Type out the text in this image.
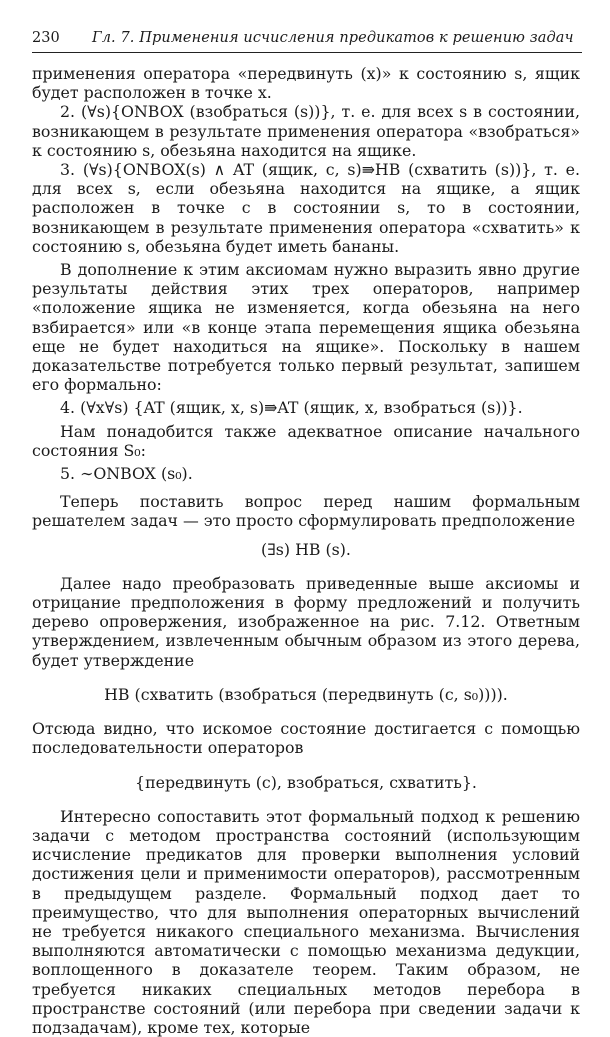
230 Гл. 7. Применения исчисления предикатов к решению задач

применения оператора «передвинуть (x)» к состоянию s, ящик будет расположен в точке x.

2. (∀s){ONBOX (взобраться (s))}, т. е. для всех s в состоянии, возникающем в результате применения оператора «взобраться» к состоянию s, обезьяна находится на ящике.

3. (∀s){ONBOX(s) ∧ AT (ящик, c, s)⇛HB (схватить (s))}, т. е. для всех s, если обезьяна находится на ящике, а ящик расположен в точке c в состоянии s, то в состоянии, возникающем в результате применения оператора «схватить» к состоянию s, обезьяна будет иметь бананы.

В дополнение к этим аксиомам нужно выразить явно другие результаты действия этих трех операторов, например «положение ящика не изменяется, когда обезьяна на него взбирается» или «в конце этапа перемещения ящика обезьяна еще не будет находиться на ящике». Поскольку в нашем доказательстве потребуется только первый результат, запишем его формально:

4. (∀x∀s) {AT (ящик, x, s)⇛AT (ящик, x, взобраться (s))}.

Нам понадобится также адекватное описание начального состояния S₀:

5. ∼ONBOX (s₀).

Теперь поставить вопрос перед нашим формальным решателем задач — это просто сформулировать предположение

(∃s) HB (s).

Далее надо преобразовать приведенные выше аксиомы и отрицание предположения в форму предложений и получить дерево опровержения, изображенное на рис. 7.12. Ответным утверждением, извлеченным обычным образом из этого дерева, будет утверждение

HB (схватить (взобраться (передвинуть (c, s₀)))).

Отсюда видно, что искомое состояние достигается с помощью последовательности операторов

{передвинуть (c), взобраться, схватить}.

Интересно сопоставить этот формальный подход к решению задачи с методом пространства состояний (использующим исчисление предикатов для проверки выполнения условий достижения цели и применимости операторов), рассмотренным в предыдущем разделе. Формальный подход дает то преимущество, что для выполнения операторных вычислений не требуется никакого специального механизма. Вычисления выполняются автоматически с помощью механизма дедукции, воплощенного в доказателе теорем. Таким образом, не требуется никаких специальных методов перебора в пространстве состояний (или перебора при сведении задачи к подзадачам), кроме тех, которые
